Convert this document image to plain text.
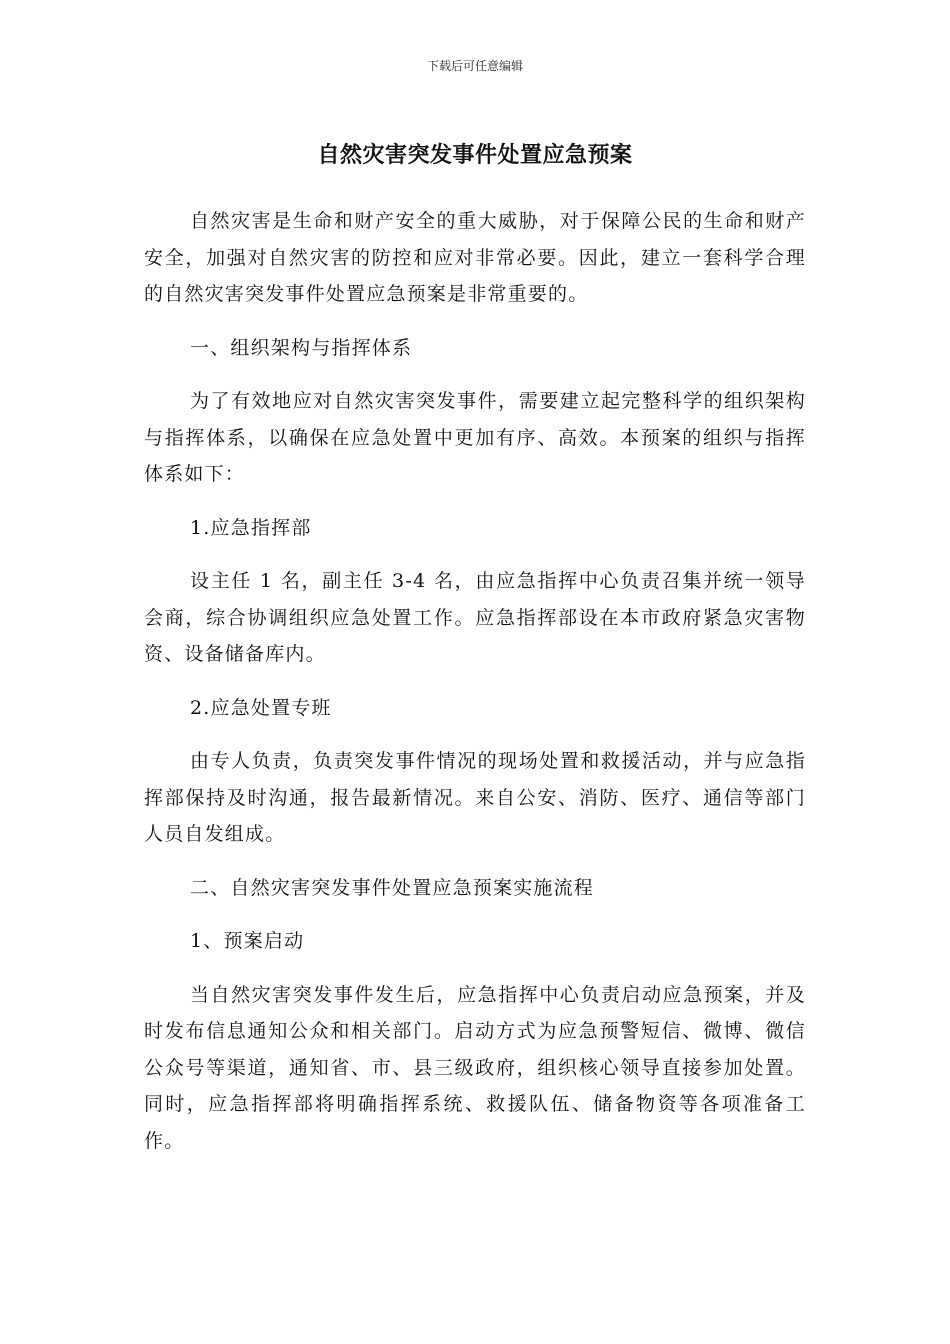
下载后可任意编辑
自然灾害突发事件处置应急预案

自然灾害是生命和财产安全的重大威胁，对于保障公民的生命和财产安全，加强对自然灾害的防控和应对非常必要。因此，建立一套科学合理的自然灾害突发事件处置应急预案是非常重要的。

一、组织架构与指挥体系

为了有效地应对自然灾害突发事件，需要建立起完整科学的组织架构与指挥体系，以确保在应急处置中更加有序、高效。本预案的组织与指挥体系如下：

1.应急指挥部

设主任 1 名，副主任 3-4 名，由应急指挥中心负责召集并统一领导会商，综合协调组织应急处置工作。应急指挥部设在本市政府紧急灾害物资、设备储备库内。

2.应急处置专班

由专人负责，负责突发事件情况的现场处置和救援活动，并与应急指挥部保持及时沟通，报告最新情况。来自公安、消防、医疗、通信等部门人员自发组成。

二、自然灾害突发事件处置应急预案实施流程

1、预案启动

当自然灾害突发事件发生后，应急指挥中心负责启动应急预案，并及时发布信息通知公众和相关部门。启动方式为应急预警短信、微博、微信公众号等渠道，通知省、市、县三级政府，组织核心领导直接参加处置。同时，应急指挥部将明确指挥系统、救援队伍、储备物资等各项准备工作。
